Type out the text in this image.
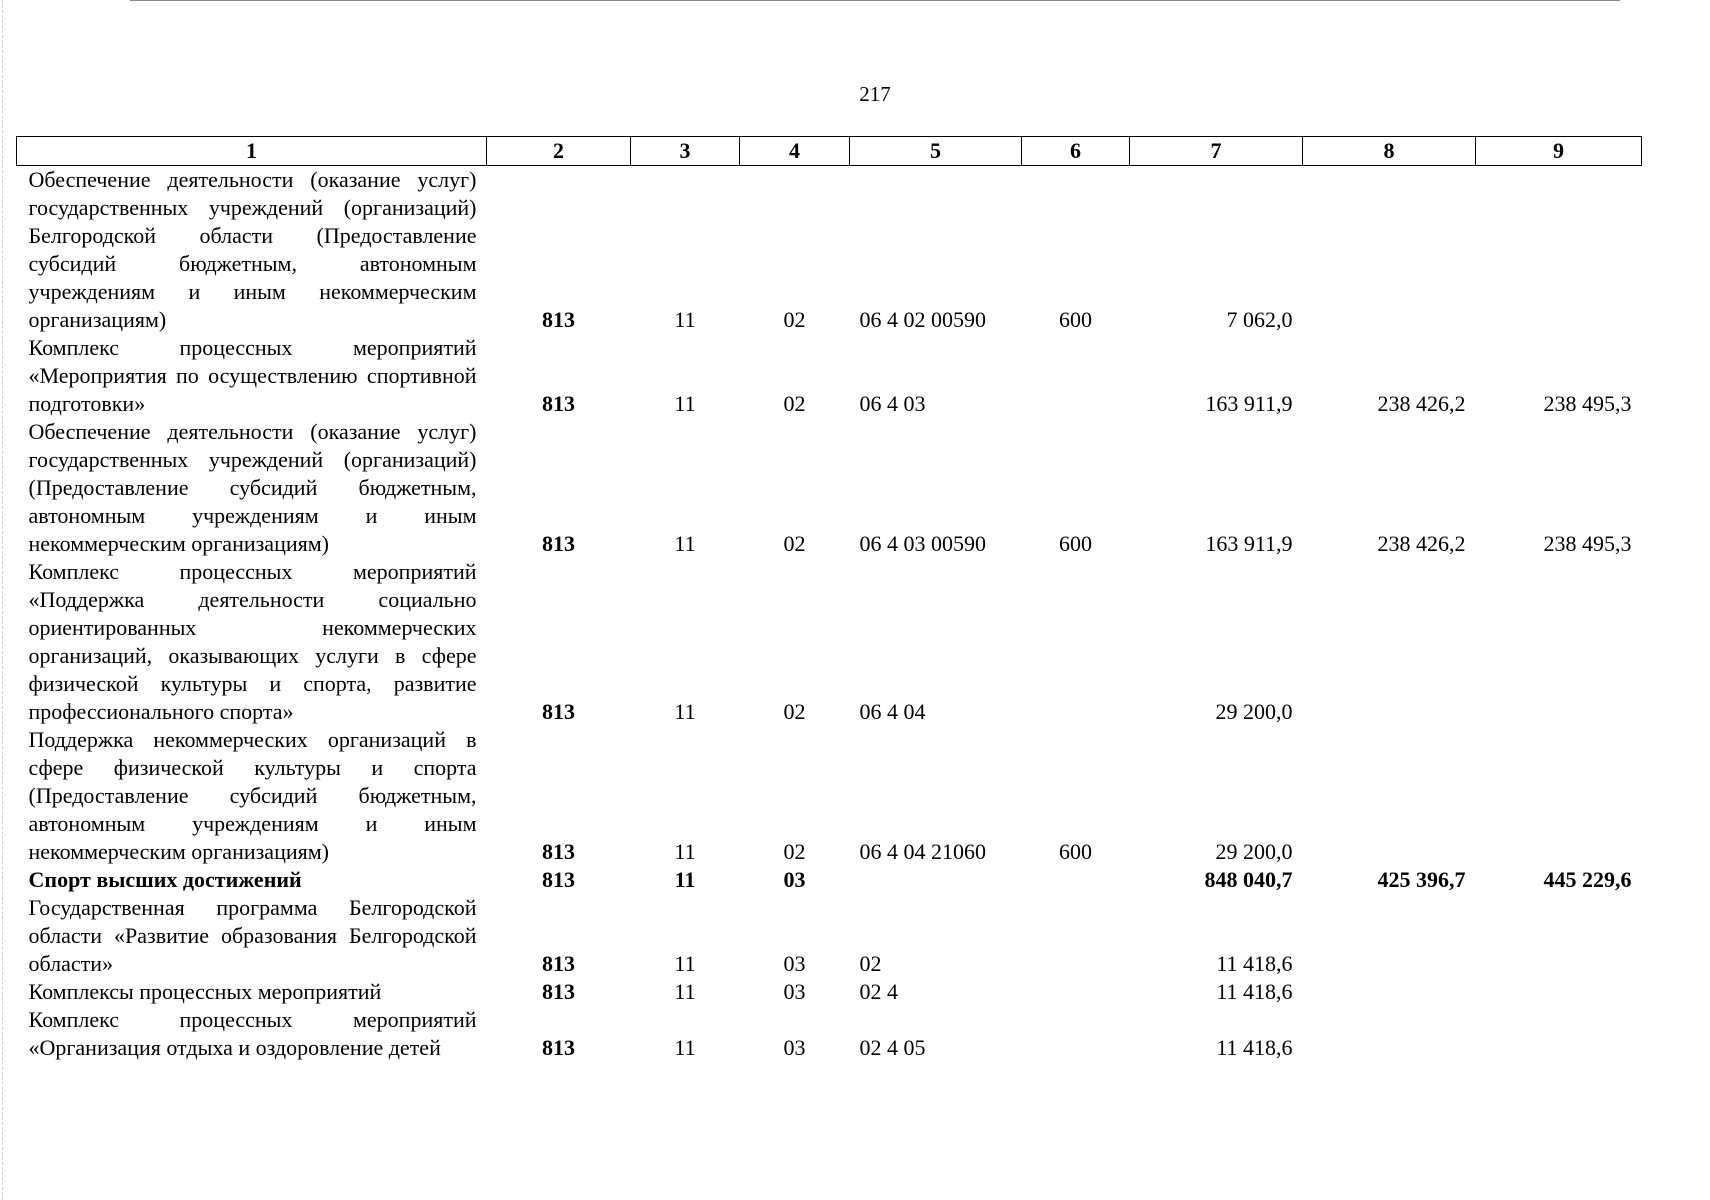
217
1	2	3	4	5	6	7	8	9
Обеспечение деятельности (оказание услуг) государственных учреждений (организаций) Белгородской области (Предоставление субсидий бюджетным, автономным учреждениям и иным некоммерческим организациям)	813	11	02	06 4 02 00590	600	7 062,0		
Комплекс процессных мероприятий «Мероприятия по осуществлению спортивной подготовки»	813	11	02	06 4 03		163 911,9	238 426,2	238 495,3
Обеспечение деятельности (оказание услуг) государственных учреждений (организаций) (Предоставление субсидий бюджетным, автономным учреждениям и иным некоммерческим организациям)	813	11	02	06 4 03 00590	600	163 911,9	238 426,2	238 495,3
Комплекс процессных мероприятий «Поддержка деятельности социально ориентированных некоммерческих организаций, оказывающих услуги в сфере физической культуры и спорта, развитие профессионального спорта»	813	11	02	06 4 04		29 200,0		
Поддержка некоммерческих организаций в сфере физической культуры и спорта (Предоставление субсидий бюджетным, автономным учреждениям и иным некоммерческим организациям)	813	11	02	06 4 04 21060	600	29 200,0		
Спорт высших достижений	813	11	03			848 040,7	425 396,7	445 229,6
Государственная программа Белгородской области «Развитие образования Белгородской области»	813	11	03	02		11 418,6		
Комплексы процессных мероприятий	813	11	03	02 4		11 418,6		
Комплекс процессных мероприятий «Организация отдыха и оздоровление детей	813	11	03	02 4 05		11 418,6		
